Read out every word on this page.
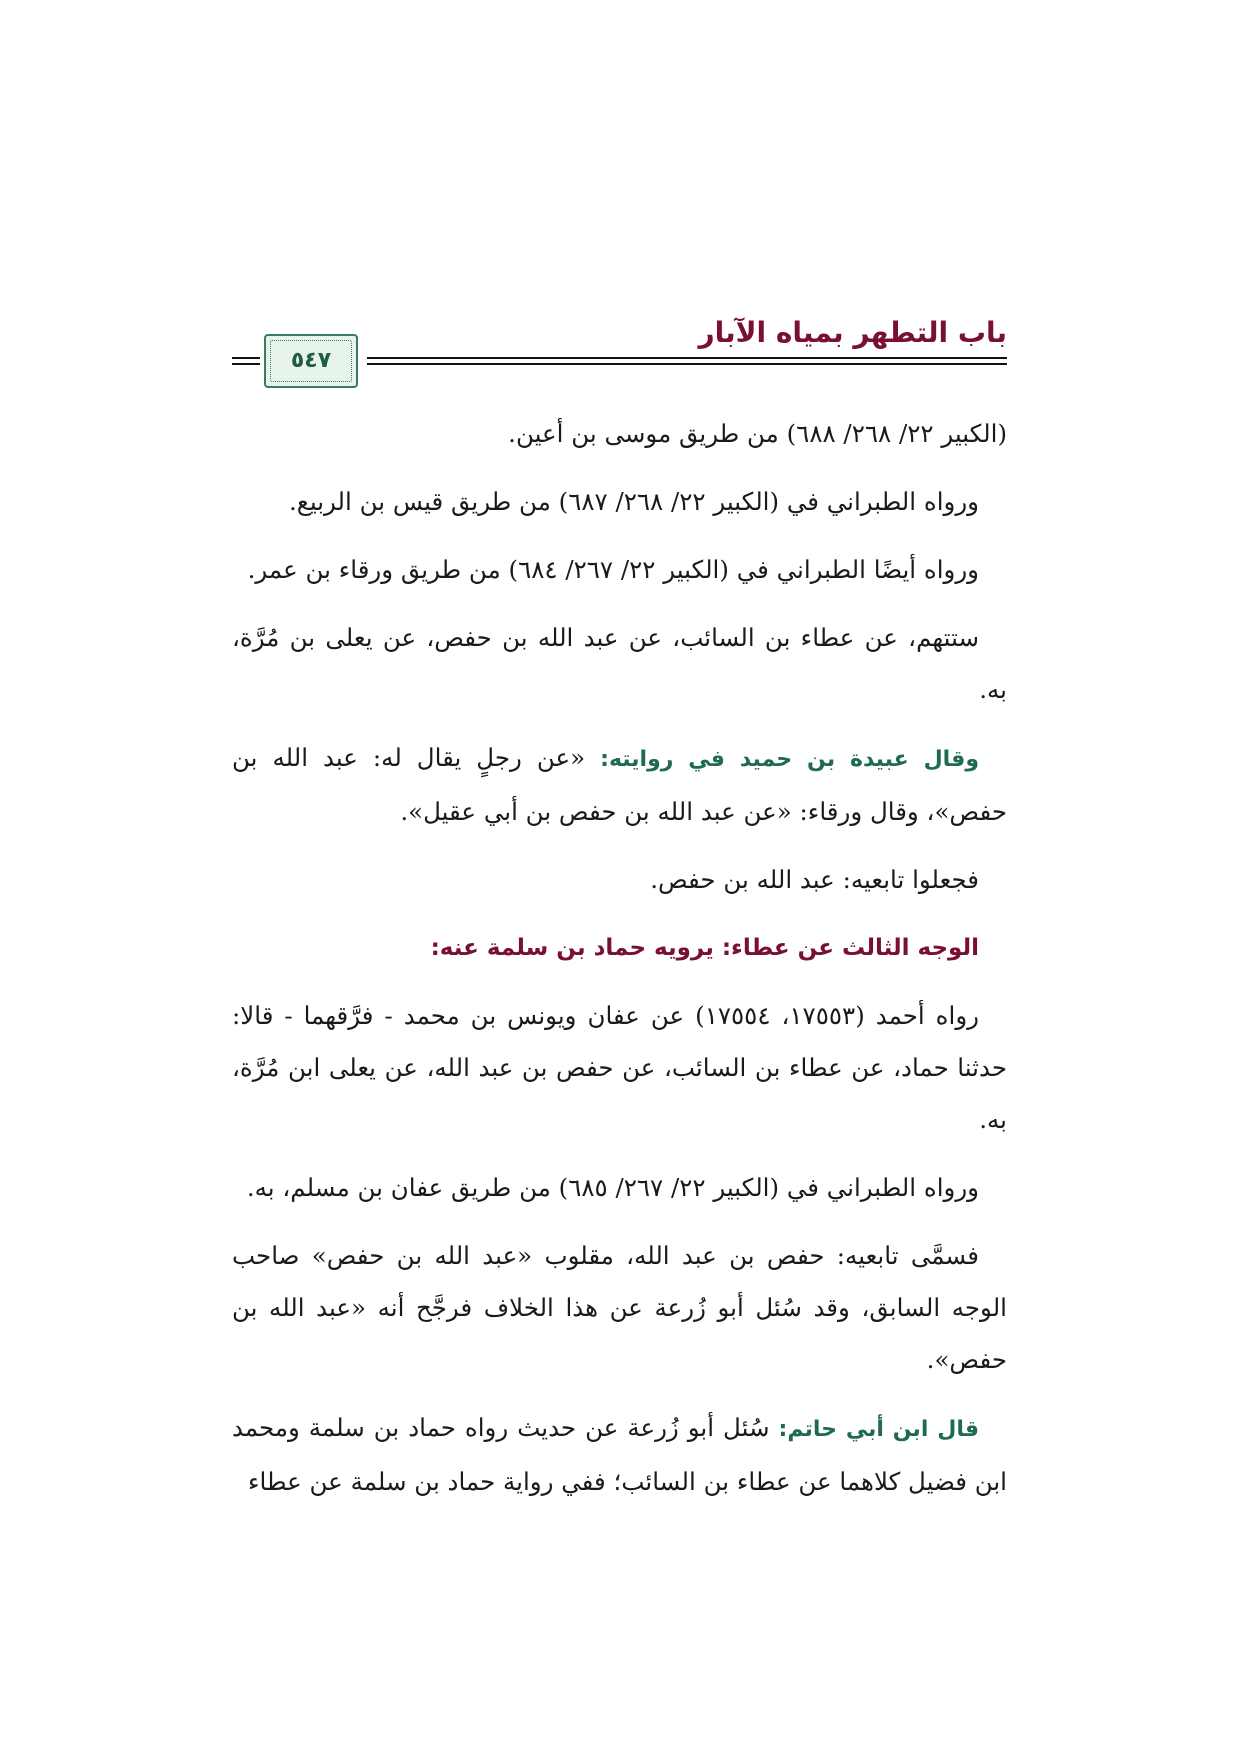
باب التطهر بمياه الآبار
٥٤٧

(الكبير ٢٢/ ٢٦٨/ ٦٨٨) من طريق موسى بن أعين.

ورواه الطبراني في (الكبير ٢٢/ ٢٦٨/ ٦٨٧) من طريق قيس بن الربيع.

ورواه أيضًا الطبراني في (الكبير ٢٢/ ٢٦٧/ ٦٨٤) من طريق ورقاء بن عمر.

ستتهم، عن عطاء بن السائب، عن عبد الله بن حفص، عن يعلى بن مُرَّة، به.

وقال عبيدة بن حميد في روايته: «عن رجلٍ يقال له: عبد الله بن حفص»، وقال ورقاء: «عن عبد الله بن حفص بن أبي عقيل».

فجعلوا تابعيه: عبد الله بن حفص.

الوجه الثالث عن عطاء: يرويه حماد بن سلمة عنه:

رواه أحمد (١٧٥٥٣، ١٧٥٥٤) عن عفان ويونس بن محمد - فرَّقهما - قالا: حدثنا حماد، عن عطاء بن السائب، عن حفص بن عبد الله، عن يعلى ابن مُرَّة، به.

ورواه الطبراني في (الكبير ٢٢/ ٢٦٧/ ٦٨٥) من طريق عفان بن مسلم، به.

فسمَّى تابعيه: حفص بن عبد الله، مقلوب «عبد الله بن حفص» صاحب الوجه السابق، وقد سُئل أبو زُرعة عن هذا الخلاف فرجَّح أنه «عبد الله بن حفص».

قال ابن أبي حاتم: سُئل أبو زُرعة عن حديث رواه حماد بن سلمة ومحمد ابن فضيل كلاهما عن عطاء بن السائب؛ ففي رواية حماد بن سلمة عن عطاء
